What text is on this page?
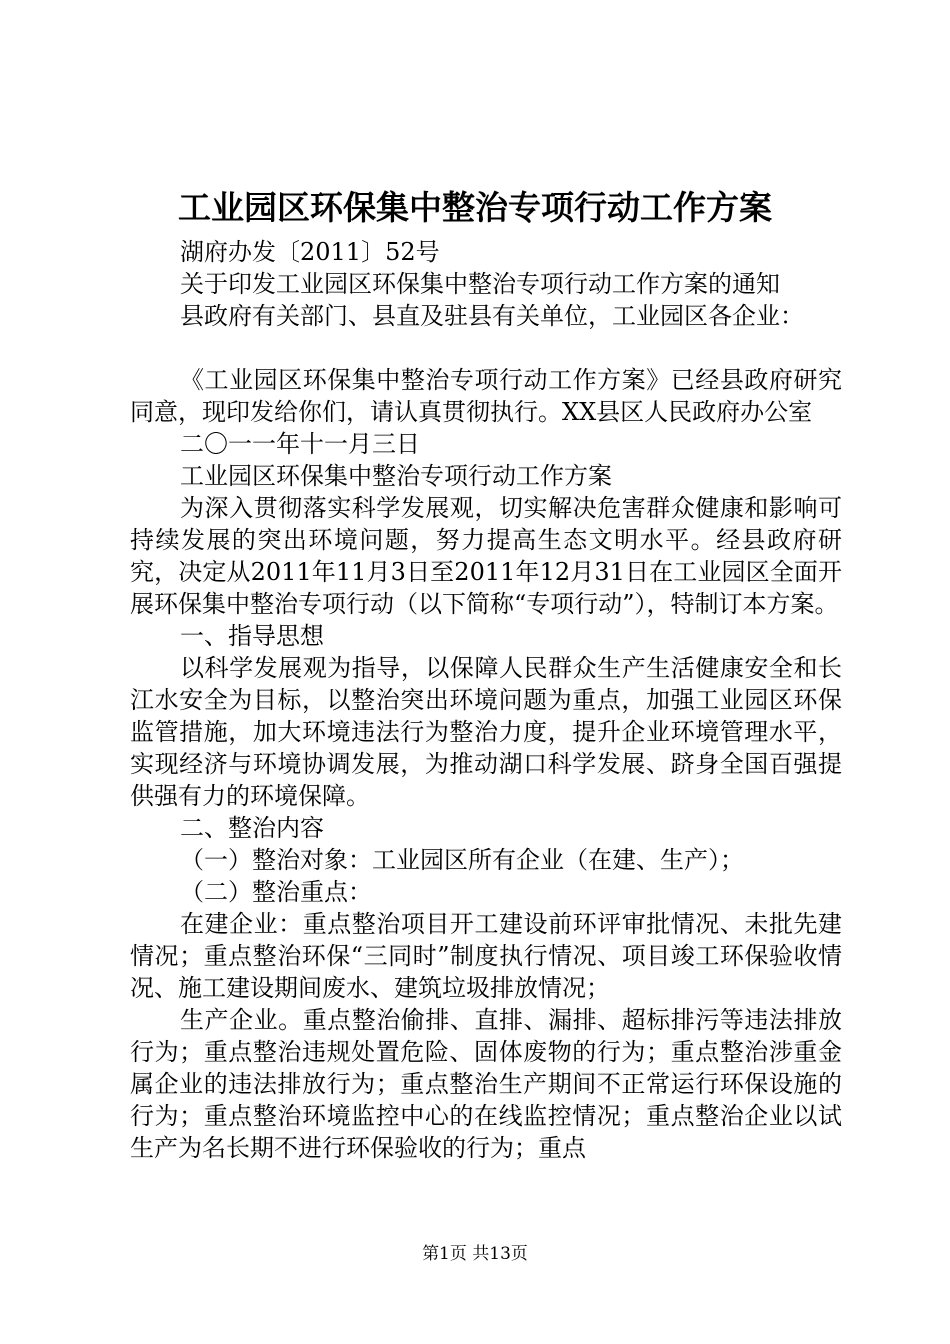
工业园区环保集中整治专项行动工作方案

湖府办发〔2011〕52号

关于印发工业园区环保集中整治专项行动工作方案的通知

县政府有关部门、县直及驻县有关单位，工业园区各企业：

《工业园区环保集中整治专项行动工作方案》已经县政府研究同意，现印发给你们，请认真贯彻执行。XX县区人民政府办公室

二〇一一年十一月三日

工业园区环保集中整治专项行动工作方案

为深入贯彻落实科学发展观，切实解决危害群众健康和影响可持续发展的突出环境问题，努力提高生态文明水平。经县政府研究，决定从2011年11月3日至2011年12月31日在工业园区全面开展环保集中整治专项行动（以下简称“专项行动”），特制订本方案。

一、指导思想

以科学发展观为指导，以保障人民群众生产生活健康安全和长江水安全为目标，以整治突出环境问题为重点，加强工业园区环保监管措施，加大环境违法行为整治力度，提升企业环境管理水平，实现经济与环境协调发展，为推动湖口科学发展、跻身全国百强提供强有力的环境保障。

二、整治内容

（一）整治对象：工业园区所有企业（在建、生产）；

（二）整治重点：

在建企业：重点整治项目开工建设前环评审批情况、未批先建情况；重点整治环保“三同时”制度执行情况、项目竣工环保验收情况、施工建设期间废水、建筑垃圾排放情况；

生产企业。重点整治偷排、直排、漏排、超标排污等违法排放行为；重点整治违规处置危险、固体废物的行为；重点整治涉重金属企业的违法排放行为；重点整治生产期间不正常运行环保设施的行为；重点整治环境监控中心的在线监控情况；重点整治企业以试生产为名长期不进行环保验收的行为；重点

第1页 共13页
